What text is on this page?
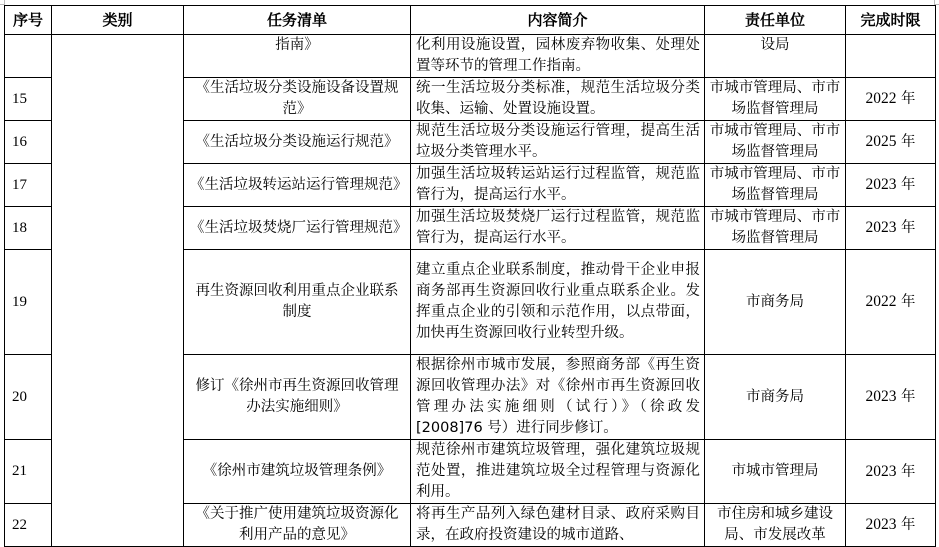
序号	类别	任务清单	内容简介	责任单位	完成时限
		指南》	化利用设施设置，园林废弃物收集、处理处置等环节的管理工作指南。	设局	
15		《生活垃圾分类设施设备设置规范》	统一生活垃圾分类标准，规范生活垃圾分类收集、运输、处置设施设置。	市城市管理局、市市场监督管理局	2022 年
16		《生活垃圾分类设施运行规范》	规范生活垃圾分类设施运行管理，提高生活垃圾分类管理水平。	市城市管理局、市市场监督管理局	2025 年
17		《生活垃圾转运站运行管理规范》	加强生活垃圾转运站运行过程监管，规范监管行为，提高运行水平。	市城市管理局、市市场监督管理局	2023 年
18		《生活垃圾焚烧厂运行管理规范》	加强生活垃圾焚烧厂运行过程监管，规范监管行为，提高运行水平。	市城市管理局、市市场监督管理局	2023 年
19		再生资源回收利用重点企业联系制度	建立重点企业联系制度，推动骨干企业申报商务部再生资源回收行业重点联系企业。发挥重点企业的引领和示范作用，以点带面，加快再生资源回收行业转型升级。	市商务局	2022 年
20		修订《徐州市再生资源回收管理办法实施细则》	根据徐州市城市发展，参照商务部《再生资源回收管理办法》对《徐州市再生资源回收管理办法实施细则（试行）》（徐政发[2008]76 号）进行同步修订。	市商务局	2023 年
21		《徐州市建筑垃圾管理条例》	规范徐州市建筑垃圾管理，强化建筑垃圾规范处置，推进建筑垃圾全过程管理与资源化利用。	市城市管理局	2023 年
22		《关于推广使用建筑垃圾资源化利用产品的意见》	将再生产品列入绿色建材目录、政府采购目录，在政府投资建设的城市道路、	市住房和城乡建设局、市发展改革	2023 年
